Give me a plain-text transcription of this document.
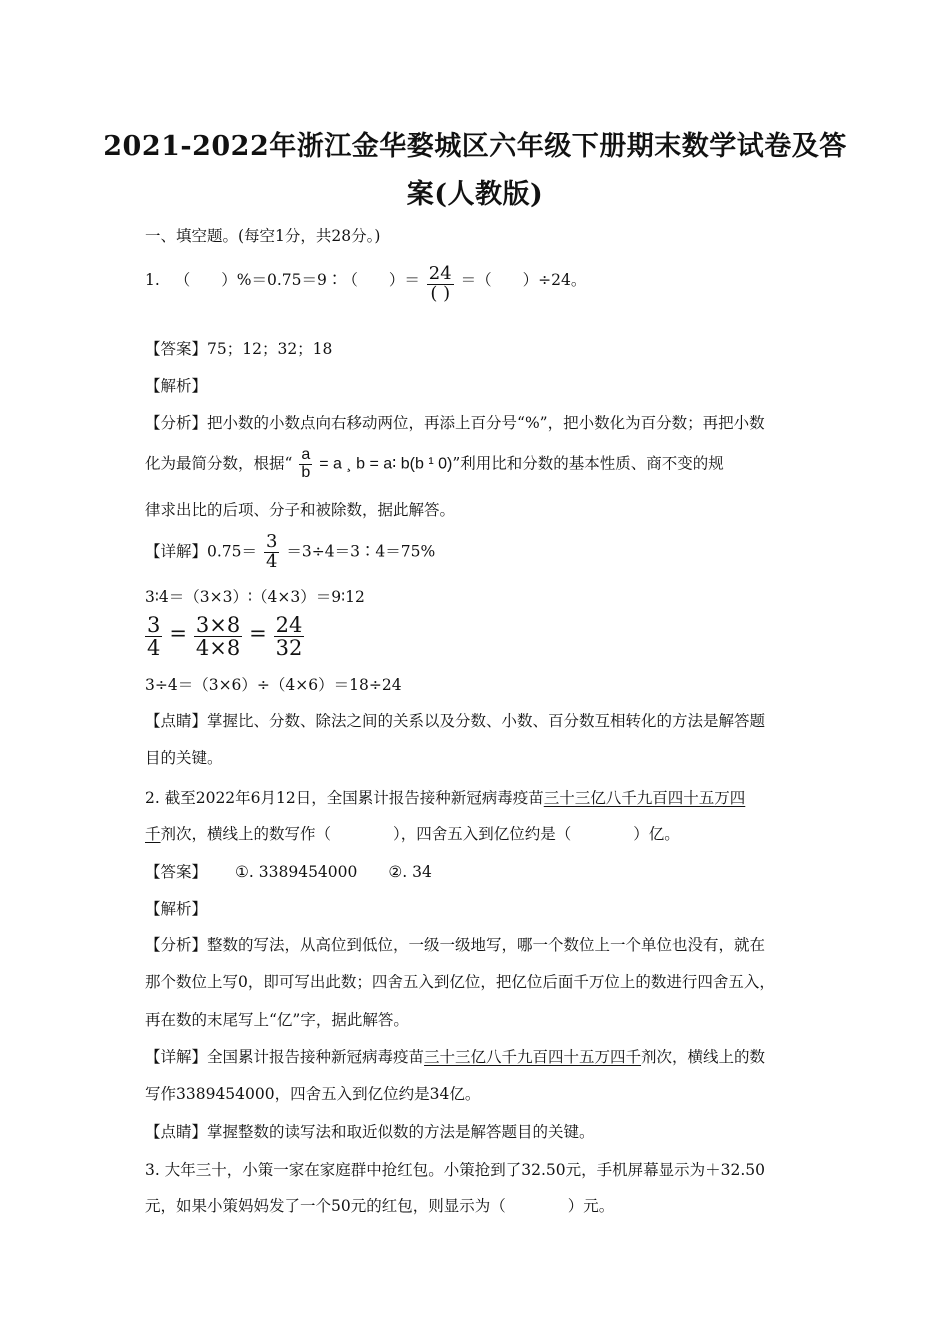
2021-2022年浙江金华婺城区六年级下册期末数学试卷及答
案(人教版)
一、填空题。(每空1分，共28分。)
1. （　　）%＝0.75＝9∶（　　）＝ $\frac{24}{( )}$ ＝（　　）÷24。
【答案】75；12；32；18
【解析】
【分析】把小数的小数点向右移动两位，再添上百分号“%”，把小数化为百分数；再把小数
化为最简分数，根据“ $\frac{a}{b} = a$ ¸ b = a∶ b(b ¹ 0)”利用比和分数的基本性质、商不变的规
律求出比的后项、分子和被除数，据此解答。
【详解】$0.75= \frac{3}{4}$ ＝3÷4＝3∶4＝75%
3∶4＝（3×3）∶（4×3）＝9∶12
$\frac{3}{4} = \frac{3\times 8}{4\times 8} = \frac{24}{32}$
3÷4＝（3×6）÷（4×6）＝18÷24
【点睛】掌握比、分数、除法之间的关系以及分数、小数、百分数互相转化的方法是解答题
目的关键。
2. 截至2022年6月12日，全国累计报告接种新冠病毒疫苗三十三亿八千九百四十五万四
千剂次，横线上的数写作（　　　　），四舍五入到亿位约是（　　　　）亿。
【答案】 ①. 3389454000　　②. 34
【解析】
【分析】整数的写法，从高位到低位，一级一级地写，哪一个数位上一个单位也没有，就在
那个数位上写0，即可写出此数；四舍五入到亿位，把亿位后面千万位上的数进行四舍五入，
再在数的末尾写上“亿”字，据此解答。
【详解】全国累计报告接种新冠病毒疫苗三十三亿八千九百四十五万四千剂次，横线上的数
写作3389454000，四舍五入到亿位约是34亿。
【点睛】掌握整数的读写法和取近似数的方法是解答题目的关键。
3. 大年三十，小策一家在家庭群中抢红包。小策抢到了32.50元，手机屏幕显示为＋32.50
元，如果小策妈妈发了一个50元的红包，则显示为（　　　　）元。
